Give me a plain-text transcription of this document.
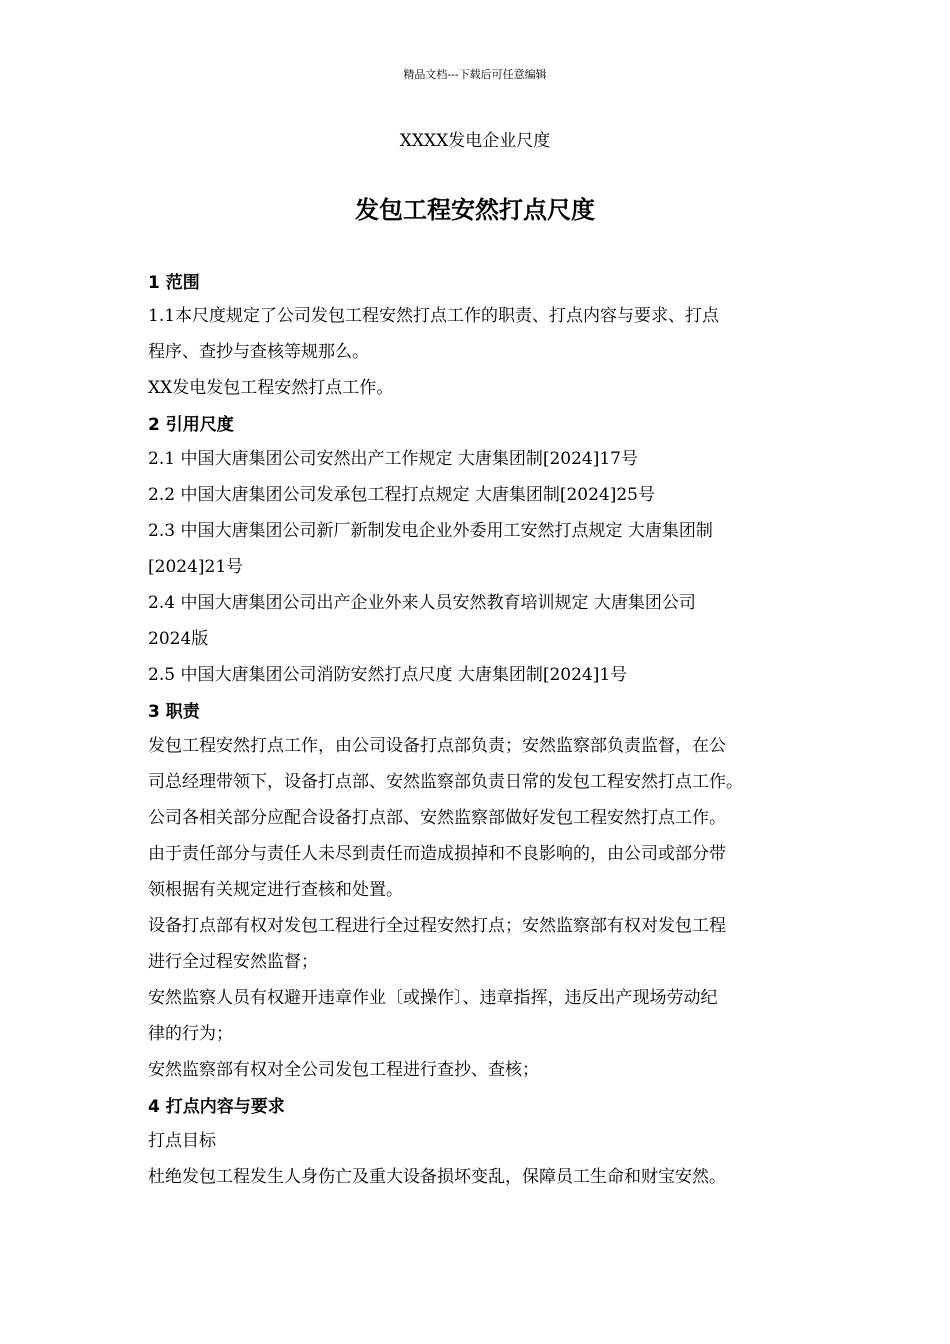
精品文档---下载后可任意编辑
XXXX发电企业尺度
发包工程安然打点尺度
1 范围
1.1本尺度规定了公司发包工程安然打点工作的职责、打点内容与要求、打点
程序、查抄与查核等规那么。
XX发电发包工程安然打点工作。
2 引用尺度
2.1 中国大唐集团公司安然出产工作规定 大唐集团制[2024]17号
2.2 中国大唐集团公司发承包工程打点规定 大唐集团制[2024]25号
2.3 中国大唐集团公司新厂新制发电企业外委用工安然打点规定 大唐集团制
[2024]21号
2.4 中国大唐集团公司出产企业外来人员安然教育培训规定 大唐集团公司
2024版
2.5 中国大唐集团公司消防安然打点尺度 大唐集团制[2024]1号
3 职责
发包工程安然打点工作，由公司设备打点部负责；安然监察部负责监督，在公
司总经理带领下，设备打点部、安然监察部负责日常的发包工程安然打点工作。
公司各相关部分应配合设备打点部、安然监察部做好发包工程安然打点工作。
由于责任部分与责任人未尽到责任而造成损掉和不良影响的，由公司或部分带
领根据有关规定进行查核和处置。
设备打点部有权对发包工程进行全过程安然打点；安然监察部有权对发包工程
进行全过程安然监督；
安然监察人员有权避开违章作业〔或操作〕、违章指挥，违反出产现场劳动纪
律的行为；
安然监察部有权对全公司发包工程进行查抄、查核；
4 打点内容与要求
打点目标
杜绝发包工程发生人身伤亡及重大设备损坏变乱，保障员工生命和财宝安然。
